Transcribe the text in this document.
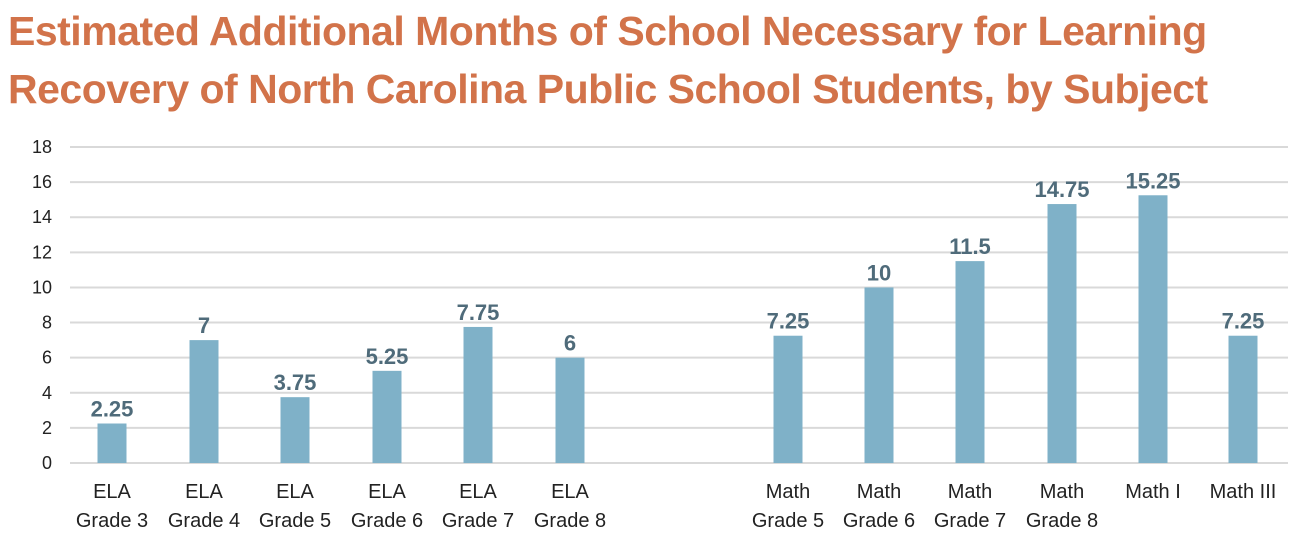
Estimated Additional Months of School Necessary for Learning
Recovery of North Carolina Public School Students, by Subject
0
2
4
6
8
10
12
14
16
18
2.25
7
3.75
5.25
7.75
6
7.25
10
11.5
14.75 15.25
7.25
ELA
Grade 3
ELA
Grade 4
ELA
Grade 5
ELA
Grade 6
ELA
Grade 7
ELA
Grade 8
Math
Grade 5
Math
Grade 6
Math
Grade 7
Math
Grade 8
Math I Math III
